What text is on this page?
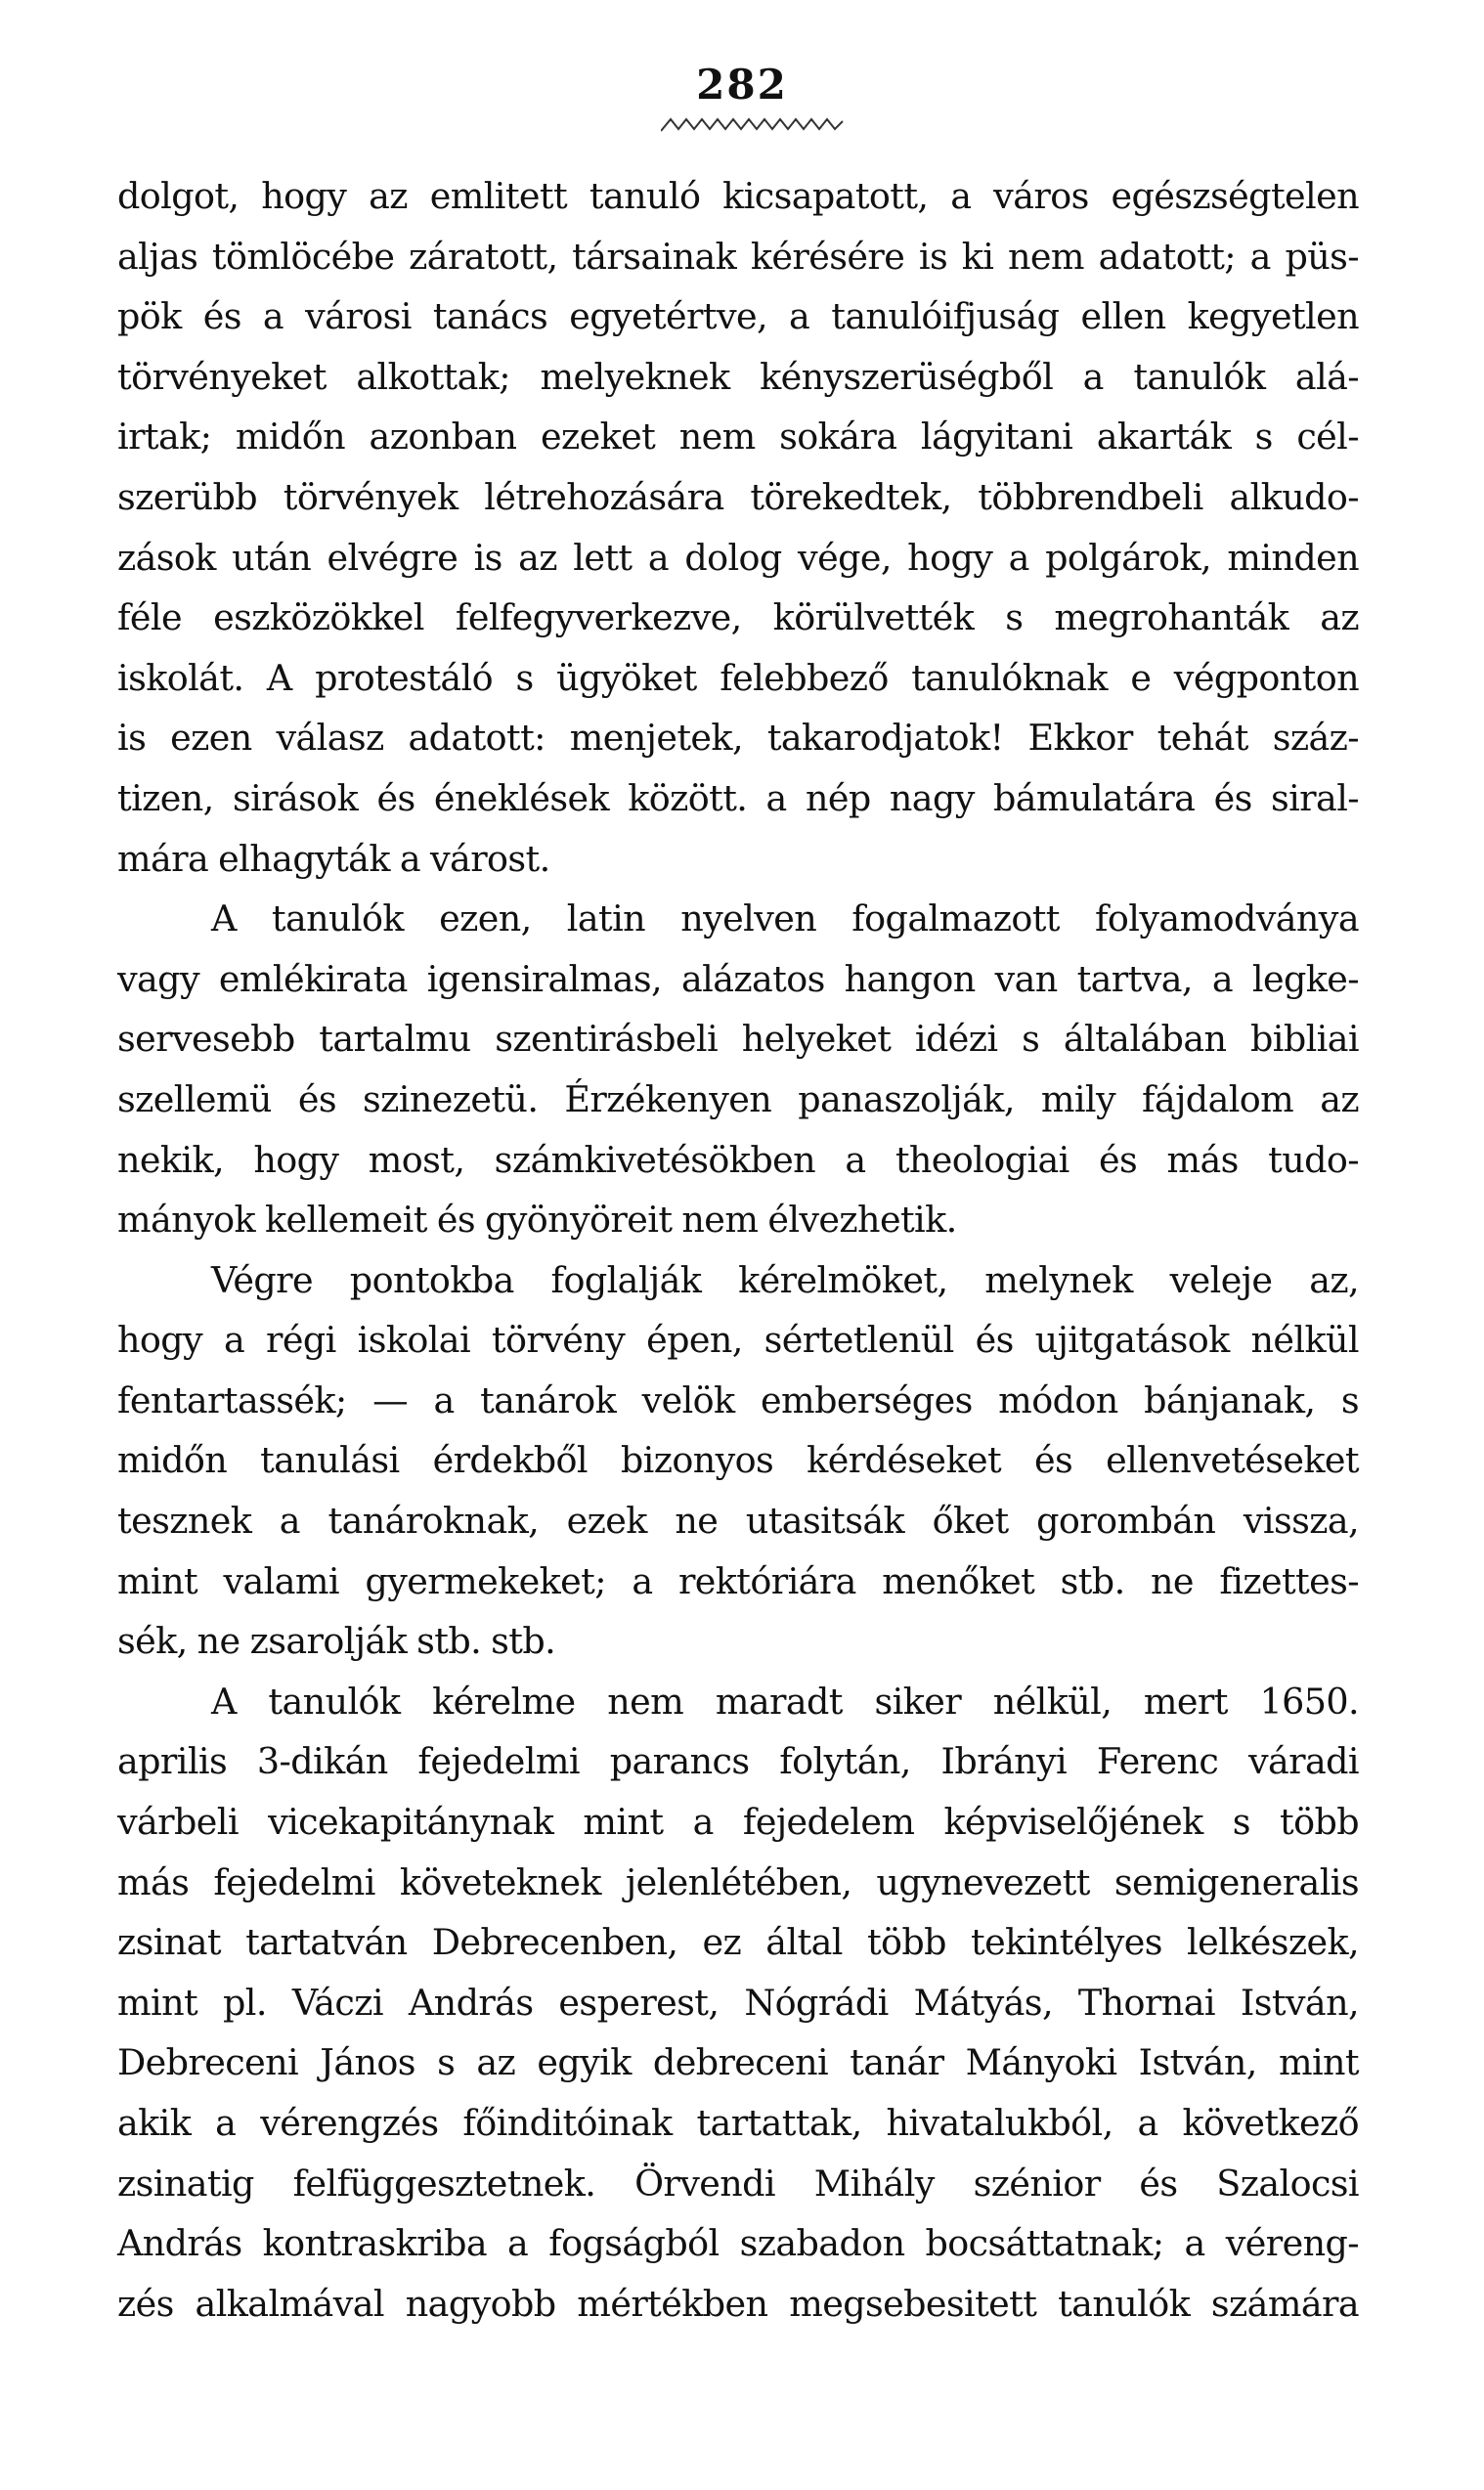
282
dolgot, hogy az emlitett tanuló kicsapatott, a város egészségtelen
aljas tömlöcébe záratott, társainak kérésére is ki nem adatott; a püs-
pök és a városi tanács egyetértve, a tanulóifjuság ellen kegyetlen
törvényeket alkottak; melyeknek kényszerüségből a tanulók alá-
irtak; midőn azonban ezeket nem sokára lágyitani akarták s cél-
szerübb törvények létrehozására törekedtek, többrendbeli alkudo-
zások után elvégre is az lett a dolog vége, hogy a polgárok, minden
féle eszközökkel felfegyverkezve, körülvették s megrohanták az
iskolát. A protestáló s ügyöket felebbező tanulóknak e végponton
is ezen válasz adatott: menjetek, takarodjatok! Ekkor tehát száz-
tizen, sirások és éneklések között. a nép nagy bámulatára és siral-
mára elhagyták a várost.
A tanulók ezen, latin nyelven fogalmazott folyamodványa
vagy emlékirata igensiralmas, alázatos hangon van tartva, a legke-
servesebb tartalmu szentirásbeli helyeket idézi s általában bibliai
szellemü és szinezetü. Érzékenyen panaszolják, mily fájdalom az
nekik, hogy most, számkivetésökben a theologiai és más tudo-
mányok kellemeit és gyönyöreit nem élvezhetik.
Végre pontokba foglalják kérelmöket, melynek veleje az,
hogy a régi iskolai törvény épen, sértetlenül és ujitgatások nélkül
fentartassék; — a tanárok velök emberséges módon bánjanak, s
midőn tanulási érdekből bizonyos kérdéseket és ellenvetéseket
tesznek a tanároknak, ezek ne utasitsák őket gorombán vissza,
mint valami gyermekeket; a rektóriára menőket stb. ne fizettes-
sék, ne zsarolják stb. stb.
A tanulók kérelme nem maradt siker nélkül, mert 1650.
aprilis 3-dikán fejedelmi parancs folytán, Ibrányi Ferenc váradi
várbeli vicekapitánynak mint a fejedelem képviselőjének s több
más fejedelmi követeknek jelenlétében, ugynevezett semigeneralis
zsinat tartatván Debrecenben, ez által több tekintélyes lelkészek,
mint pl. Váczi András esperest, Nógrádi Mátyás, Thornai István,
Debreceni János s az egyik debreceni tanár Mányoki István, mint
akik a vérengzés főinditóinak tartattak, hivatalukból, a következő
zsinatig felfüggesztetnek. Örvendi Mihály szénior és Szalocsi
András kontraskriba a fogságból szabadon bocsáttatnak; a véreng-
zés alkalmával nagyobb mértékben megsebesitett tanulók számára
